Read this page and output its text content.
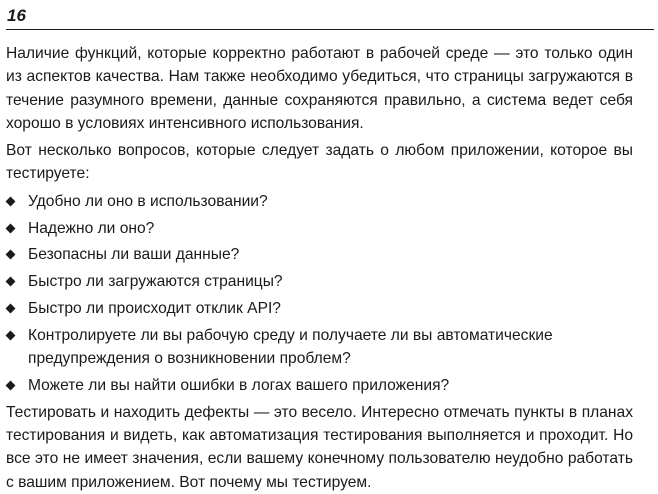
16

Наличие функций, которые корректно работают в рабочей среде — это только один из аспектов качества. Нам также необходимо убедиться, что страницы загружаются в течение разумного времени, данные сохраняются правильно, а система ведет себя хорошо в условиях интенсивного использования.

Вот несколько вопросов, которые следует задать о любом приложении, которое вы тестируете:

Удобно ли оно в использовании?
Надежно ли оно?
Безопасны ли ваши данные?
Быстро ли загружаются страницы?
Быстро ли происходит отклик API?
Контролируете ли вы рабочую среду и получаете ли вы автоматические предупреждения о возникновении проблем?
Можете ли вы найти ошибки в логах вашего приложения?

Тестировать и находить дефекты — это весело. Интересно отмечать пункты в планах тестирования и видеть, как автоматизация тестирования выполняется и проходит. Но все это не имеет значения, если вашему конечному пользователю неудобно работать с вашим приложением. Вот почему мы тестируем.
